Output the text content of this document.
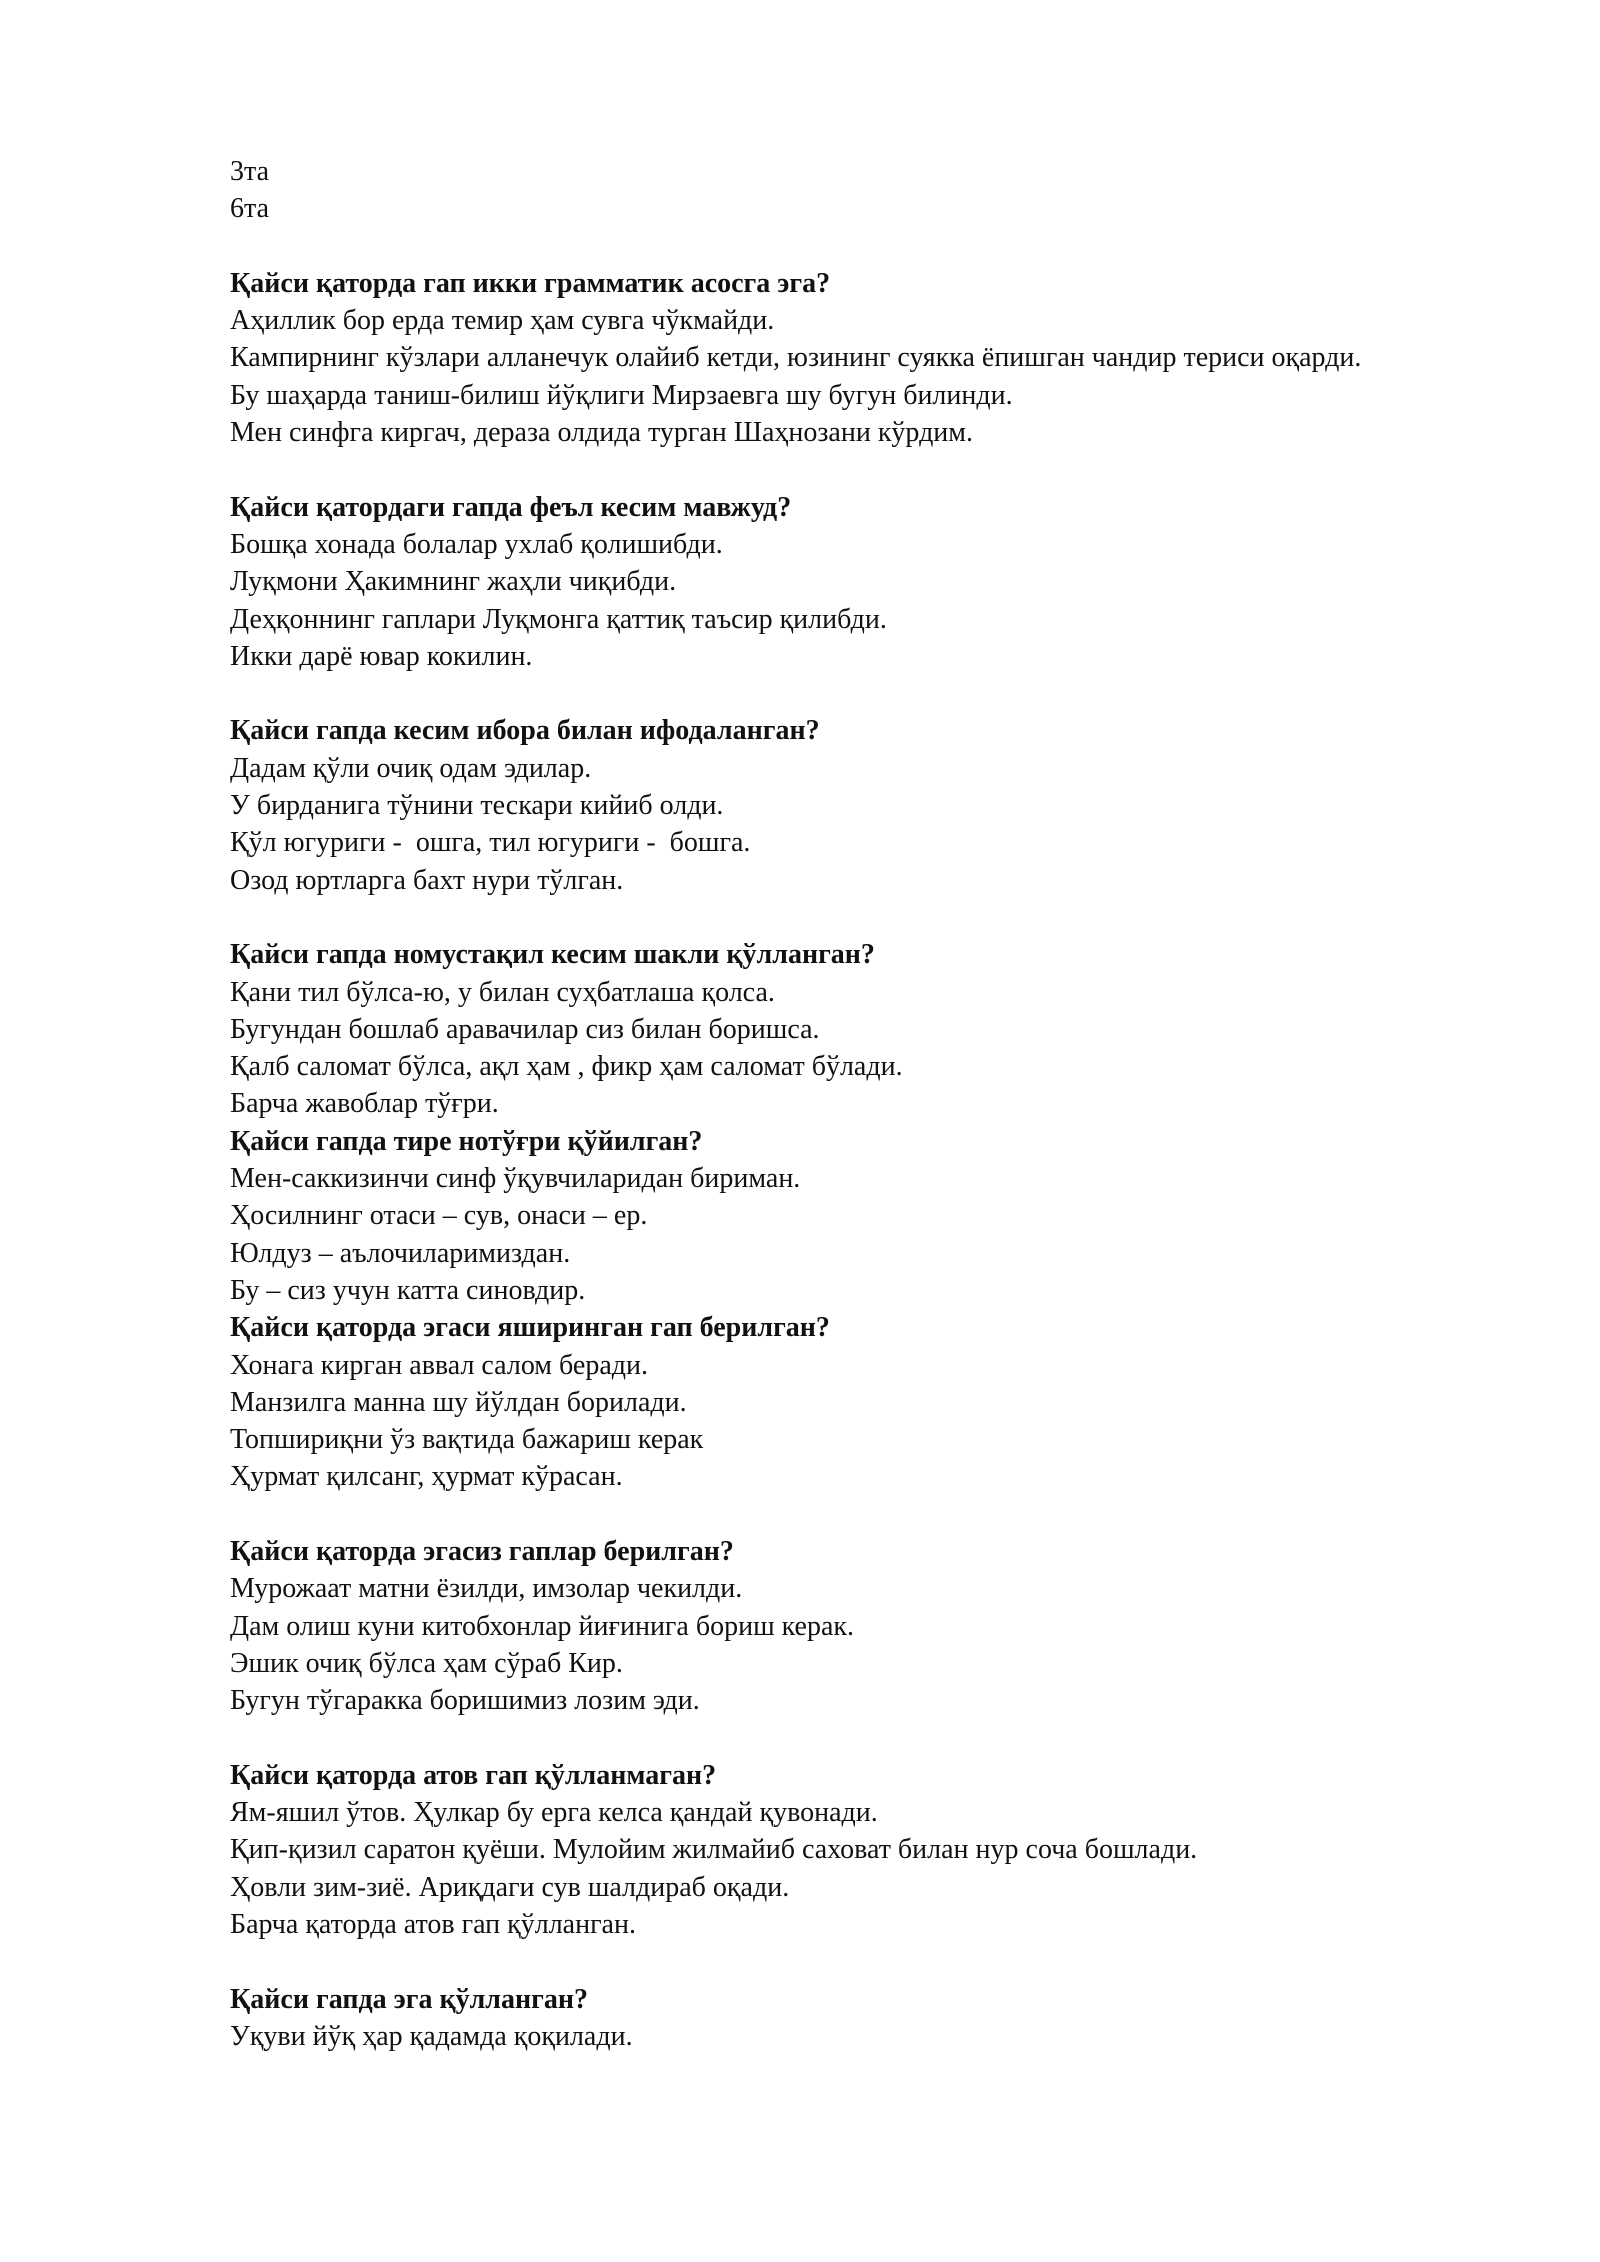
3та

6та

Қайси қаторда гап икки грамматик асосга эга?

Аҳиллик бор ерда темир ҳам сувга чўкмайди.

Кампирнинг кўзлари алланечук олайиб кетди, юзининг суякка ёпишган чандир териси оқарди.

Бу шаҳарда таниш-билиш йўқлиги Мирзаевга шу бугун билинди.

Мен синфга киргач, дераза олдида турган Шаҳнозани кўрдим.

Қайси қатордаги гапда феъл кесим мавжуд?

Бошқа хонада болалар ухлаб қолишибди.

Луқмони Ҳакимнинг жаҳли чиқибди.

Деҳқоннинг гаплари Луқмонга қаттиқ таъсир қилибди.

Икки дарё ювар кокилин.

Қайси гапда кесим ибора билан ифодаланган?

Дадам қўли очиқ одам эдилар.

У бирданига тўнини тескари кийиб олди.

Қўл югуриги -  ошга, тил югуриги -  бошга.

Озод юртларга бахт нури тўлган.

Қайси гапда номустақил кесим шакли қўлланган?

Қани тил бўлса-ю, у билан суҳбатлаша қолса.

Бугундан бошлаб аравачилар сиз билан боришса.

Қалб саломат бўлса, ақл ҳам , фикр ҳам саломат бўлади.

Барча жавоблар тўғри.

Қайси гапда тире нотўғри қўйилган?

Мен-саккизинчи синф ўқувчиларидан бириман.

Ҳосилнинг отаси – сув, онаси – ер.

Юлдуз – аълочиларимиздан.

Бу – сиз учун катта синовдир.

Қайси қаторда эгаси яширинган гап берилган?

Хонага кирган аввал салом беради.

Манзилга манна шу йўлдан борилади.

Топшириқни ўз вақтида бажариш керак

Ҳурмат қилсанг, ҳурмат кўрасан.

Қайси қаторда эгасиз гаплар берилган?

Мурожаат матни ёзилди, имзолар чекилди.

Дам олиш куни китобхонлар йиғинига бориш керак.

Эшик очиқ бўлса ҳам сўраб Кир.

Бугун тўгаракка боришимиз лозим эди.

Қайси қаторда атов гап қўлланмаган?

Ям-яшил ўтов. Ҳулкар бу ерга келса қандай қувонади.

Қип-қизил саратон қуёши. Мулойим жилмайиб саховат билан нур соча бошлади.

Ҳовли зим-зиё. Ариқдаги сув шалдираб оқади.

Барча қаторда атов гап қўлланган.

Қайси гапда эга қўлланган?

Уқуви йўқ ҳар қадамда қоқилади.
